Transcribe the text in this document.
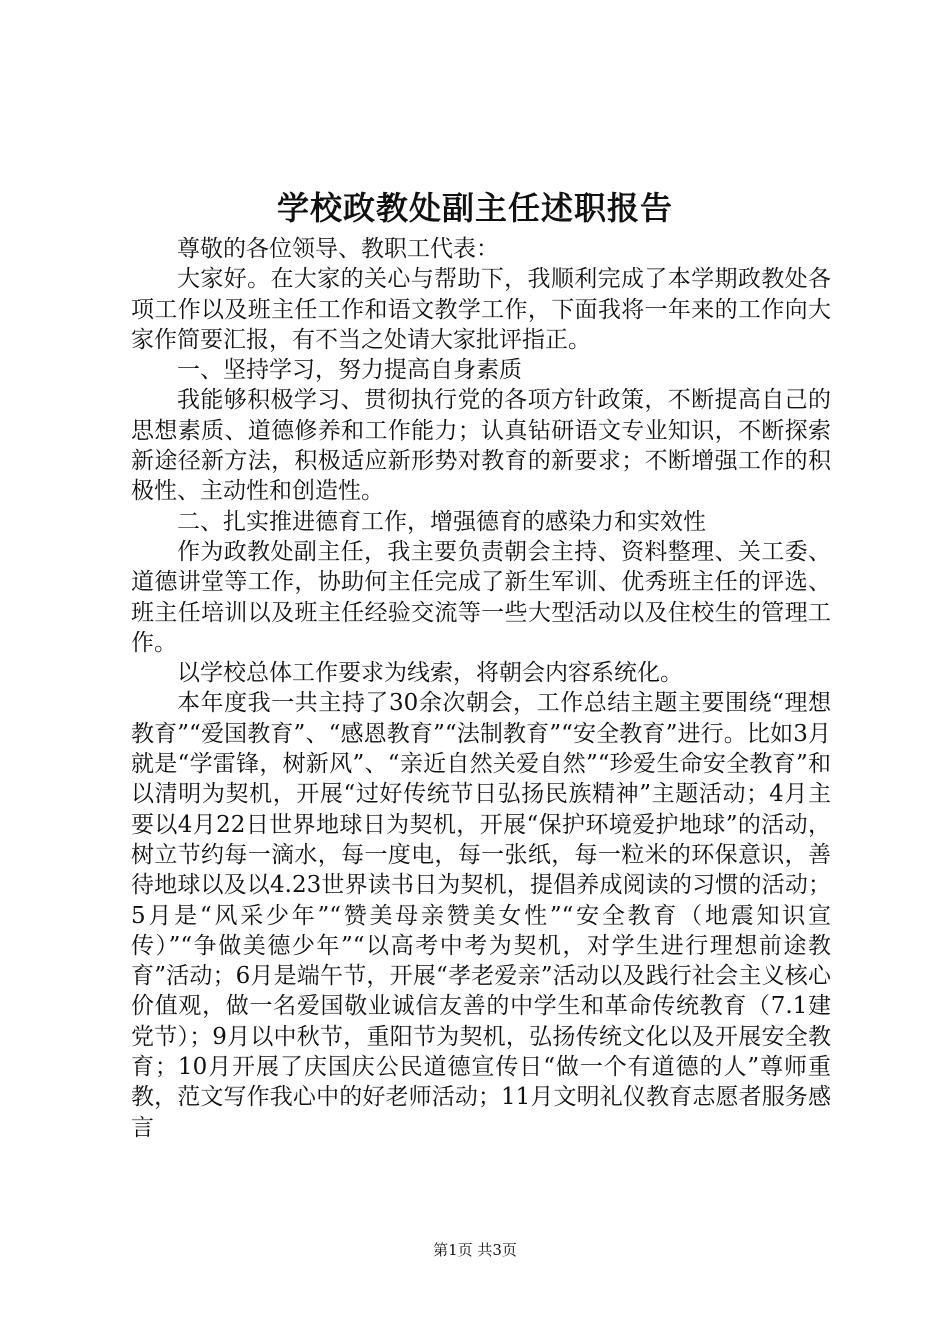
学校政教处副主任述职报告

尊敬的各位领导、教职工代表：

大家好。在大家的关心与帮助下，我顺利完成了本学期政教处各项工作以及班主任工作和语文教学工作，下面我将一年来的工作向大家作简要汇报，有不当之处请大家批评指正。

一、坚持学习，努力提高自身素质

我能够积极学习、贯彻执行党的各项方针政策，不断提高自己的思想素质、道德修养和工作能力；认真钻研语文专业知识，不断探索新途径新方法，积极适应新形势对教育的新要求；不断增强工作的积极性、主动性和创造性。

二、扎实推进德育工作，增强德育的感染力和实效性

作为政教处副主任，我主要负责朝会主持、资料整理、关工委、道德讲堂等工作，协助何主任完成了新生军训、优秀班主任的评选、班主任培训以及班主任经验交流等一些大型活动以及住校生的管理工作。

以学校总体工作要求为线索，将朝会内容系统化。

本年度我一共主持了30余次朝会，工作总结主题主要围绕“理想教育”“爱国教育”、“感恩教育”“法制教育”“安全教育”进行。比如3月就是“学雷锋，树新风”、“亲近自然关爱自然”“珍爱生命安全教育”和以清明为契机，开展“过好传统节日弘扬民族精神”主题活动；4月主要以4月22日世界地球日为契机，开展“保护环境爱护地球”的活动，树立节约每一滴水，每一度电，每一张纸，每一粒米的环保意识，善待地球以及以4.23世界读书日为契机，提倡养成阅读的习惯的活动；5月是“风采少年”“赞美母亲赞美女性”“安全教育（地震知识宣传）”“争做美德少年”“以高考中考为契机，对学生进行理想前途教育”活动；6月是端午节，开展“孝老爱亲”活动以及践行社会主义核心价值观，做一名爱国敬业诚信友善的中学生和革命传统教育（7.1建党节）；9月以中秋节，重阳节为契机，弘扬传统文化以及开展安全教育；10月开展了庆国庆公民道德宣传日“做一个有道德的人”尊师重教，范文写作我心中的好老师活动；11月文明礼仪教育志愿者服务感言

第1页 共3页
